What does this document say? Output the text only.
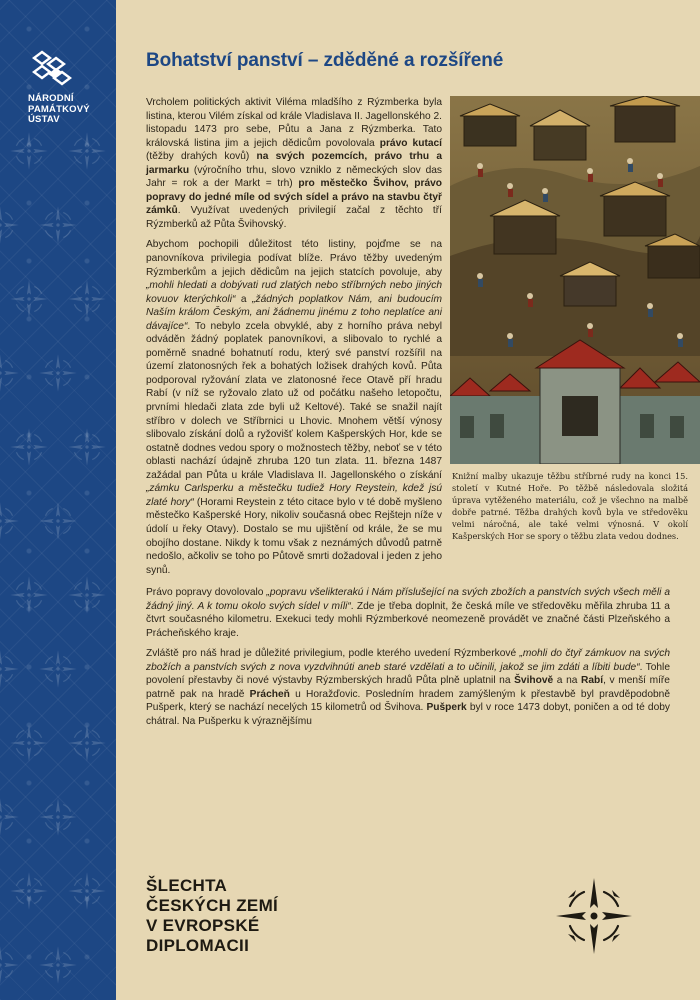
NÁRODNÍ
PAMÁTKOVÝ
ÚSTAV
Bohatství panství – zděděné a rozšířené

Vrcholem politických aktivit Viléma mladšího z Rýzmberka byla listina, kterou Vilém získal od krále Vladislava II. Jagellonského 2. listopadu 1473 pro sebe, Půtu a Jana z Rýzmberka. Tato královská listina jim a jejich dědicům povolovala právo kutací (těžby drahých kovů) na svých pozemcích, právo trhu a jarmarku (výročního trhu, slovo vzniklo z německých slov das Jahr = rok a der Markt = trh) pro městečko Švihov, právo popravy do jedné míle od svých sídel a právo na stavbu čtyř zámků. Využívat uvedených privilegií začal z těchto tří Rýzmberků až Půta Švihovský.

Abychom pochopili důležitost této listiny, pojďme se na panovníkova privilegia podívat blíže. Právo těžby uvedeným Rýzmberkům a jejich dědicům na jejich statcích povoluje, aby „mohli hledati a dobývati rud zlatých nebo stříbrných nebo jiných kovuov kterýchkoli“ a „žádných poplatkov Nám, ani budoucím Naším králom Českým, ani žádnemu jinému z toho neplatíce ani dávajíce“. To nebylo zcela obvyklé, aby z horního práva nebyl odváděn žádný poplatek panovníkovi, a slibovalo to rychlé a poměrně snadné bohatnutí rodu, který své panství rozšířil na území zlatonosných řek a bohatých ložisek drahých kovů. Půta podporoval ryžování zlata ve zlatonosné řece Otavě pří hradu Rabí (v níž se ryžovalo zlato už od počátku našeho letopočtu, prvními hledači zlata zde byli už Keltové). Také se snažil najít stříbro v dolech ve Stříbrnici u Lhovic. Mnohem větší výnosy slibovalo získání dolů a ryžovišť kolem Kašperských Hor, kde se ostatně dodnes vedou spory o možnostech těžby, neboť se v této oblasti nachází údajně zhruba 120 tun zlata. 11. března 1487 zažádal pan Půta u krále Vladislava II. Jagellonského o získání „zámku Carlsperku a městečku tudiež Hory Reystein, kdež jsú zlaté hory“ (Horami Reystein z této citace bylo v té době myšleno městečko Kašperské Hory, nikoliv současná obec Rejštejn níže v údolí u řeky Otavy). Dostalo se mu ujištění od krále, že se mu obojího dostane. Nikdy k tomu však z neznámých důvodů patrně nedošlo, ačkoliv se toho po Půtově smrti dožadoval i jeden z jeho synů.

Knižní malby ukazuje těžbu stříbrné rudy na konci 15. století v Kutné Hoře. Po těžbě následovala složitá úprava vytěženého materiálu, což je všechno na malbě dobře patrné. Těžba drahých kovů byla ve středověku velmi náročná, ale také velmi výnosná. V okolí Kašperských Hor se spory o těžbu zlata vedou dodnes.

Právo popravy dovolovalo „popravu všelikterakú i Nám příslušející na svých zbožích a panstvích svých všech měli a žádný jiný. A k tomu okolo svých sídel v míli“. Zde je třeba doplnit, že česká míle ve středověku měřila zhruba 11 a čtvrt současného kilometru. Exekuci tedy mohli Rýzmberkové neomezeně provádět ve značné části Plzeňského a Prácheňského kraje.

Zvláště pro náš hrad je důležité privilegium, podle kterého uvedení Rýzmberkové „mohli do čtyř zámkuov na svých zbožích a panstvích svých z nova vyzdvihnúti aneb staré vzdělati a to učinili, jakož se jim zdáti a líbiti bude“. Tohle povolení přestavby či nové výstavby Rýzmberských hradů Půta plně uplatnil na Švihově a na Rabí, v menší míře patrně pak na hradě Prácheň u Horažďovic. Posledním hradem zamýšleným k přestavbě byl pravděpodobně Pušperk, který se nachází necelých 15 kilometrů od Švihova. Pušperk byl v roce 1473 dobyt, poničen a od té doby chátral. Na Pušperku k výraznějšímu

ŠLECHTA
ČESKÝCH ZEMÍ
V EVROPSKÉ
DIPLOMACII
